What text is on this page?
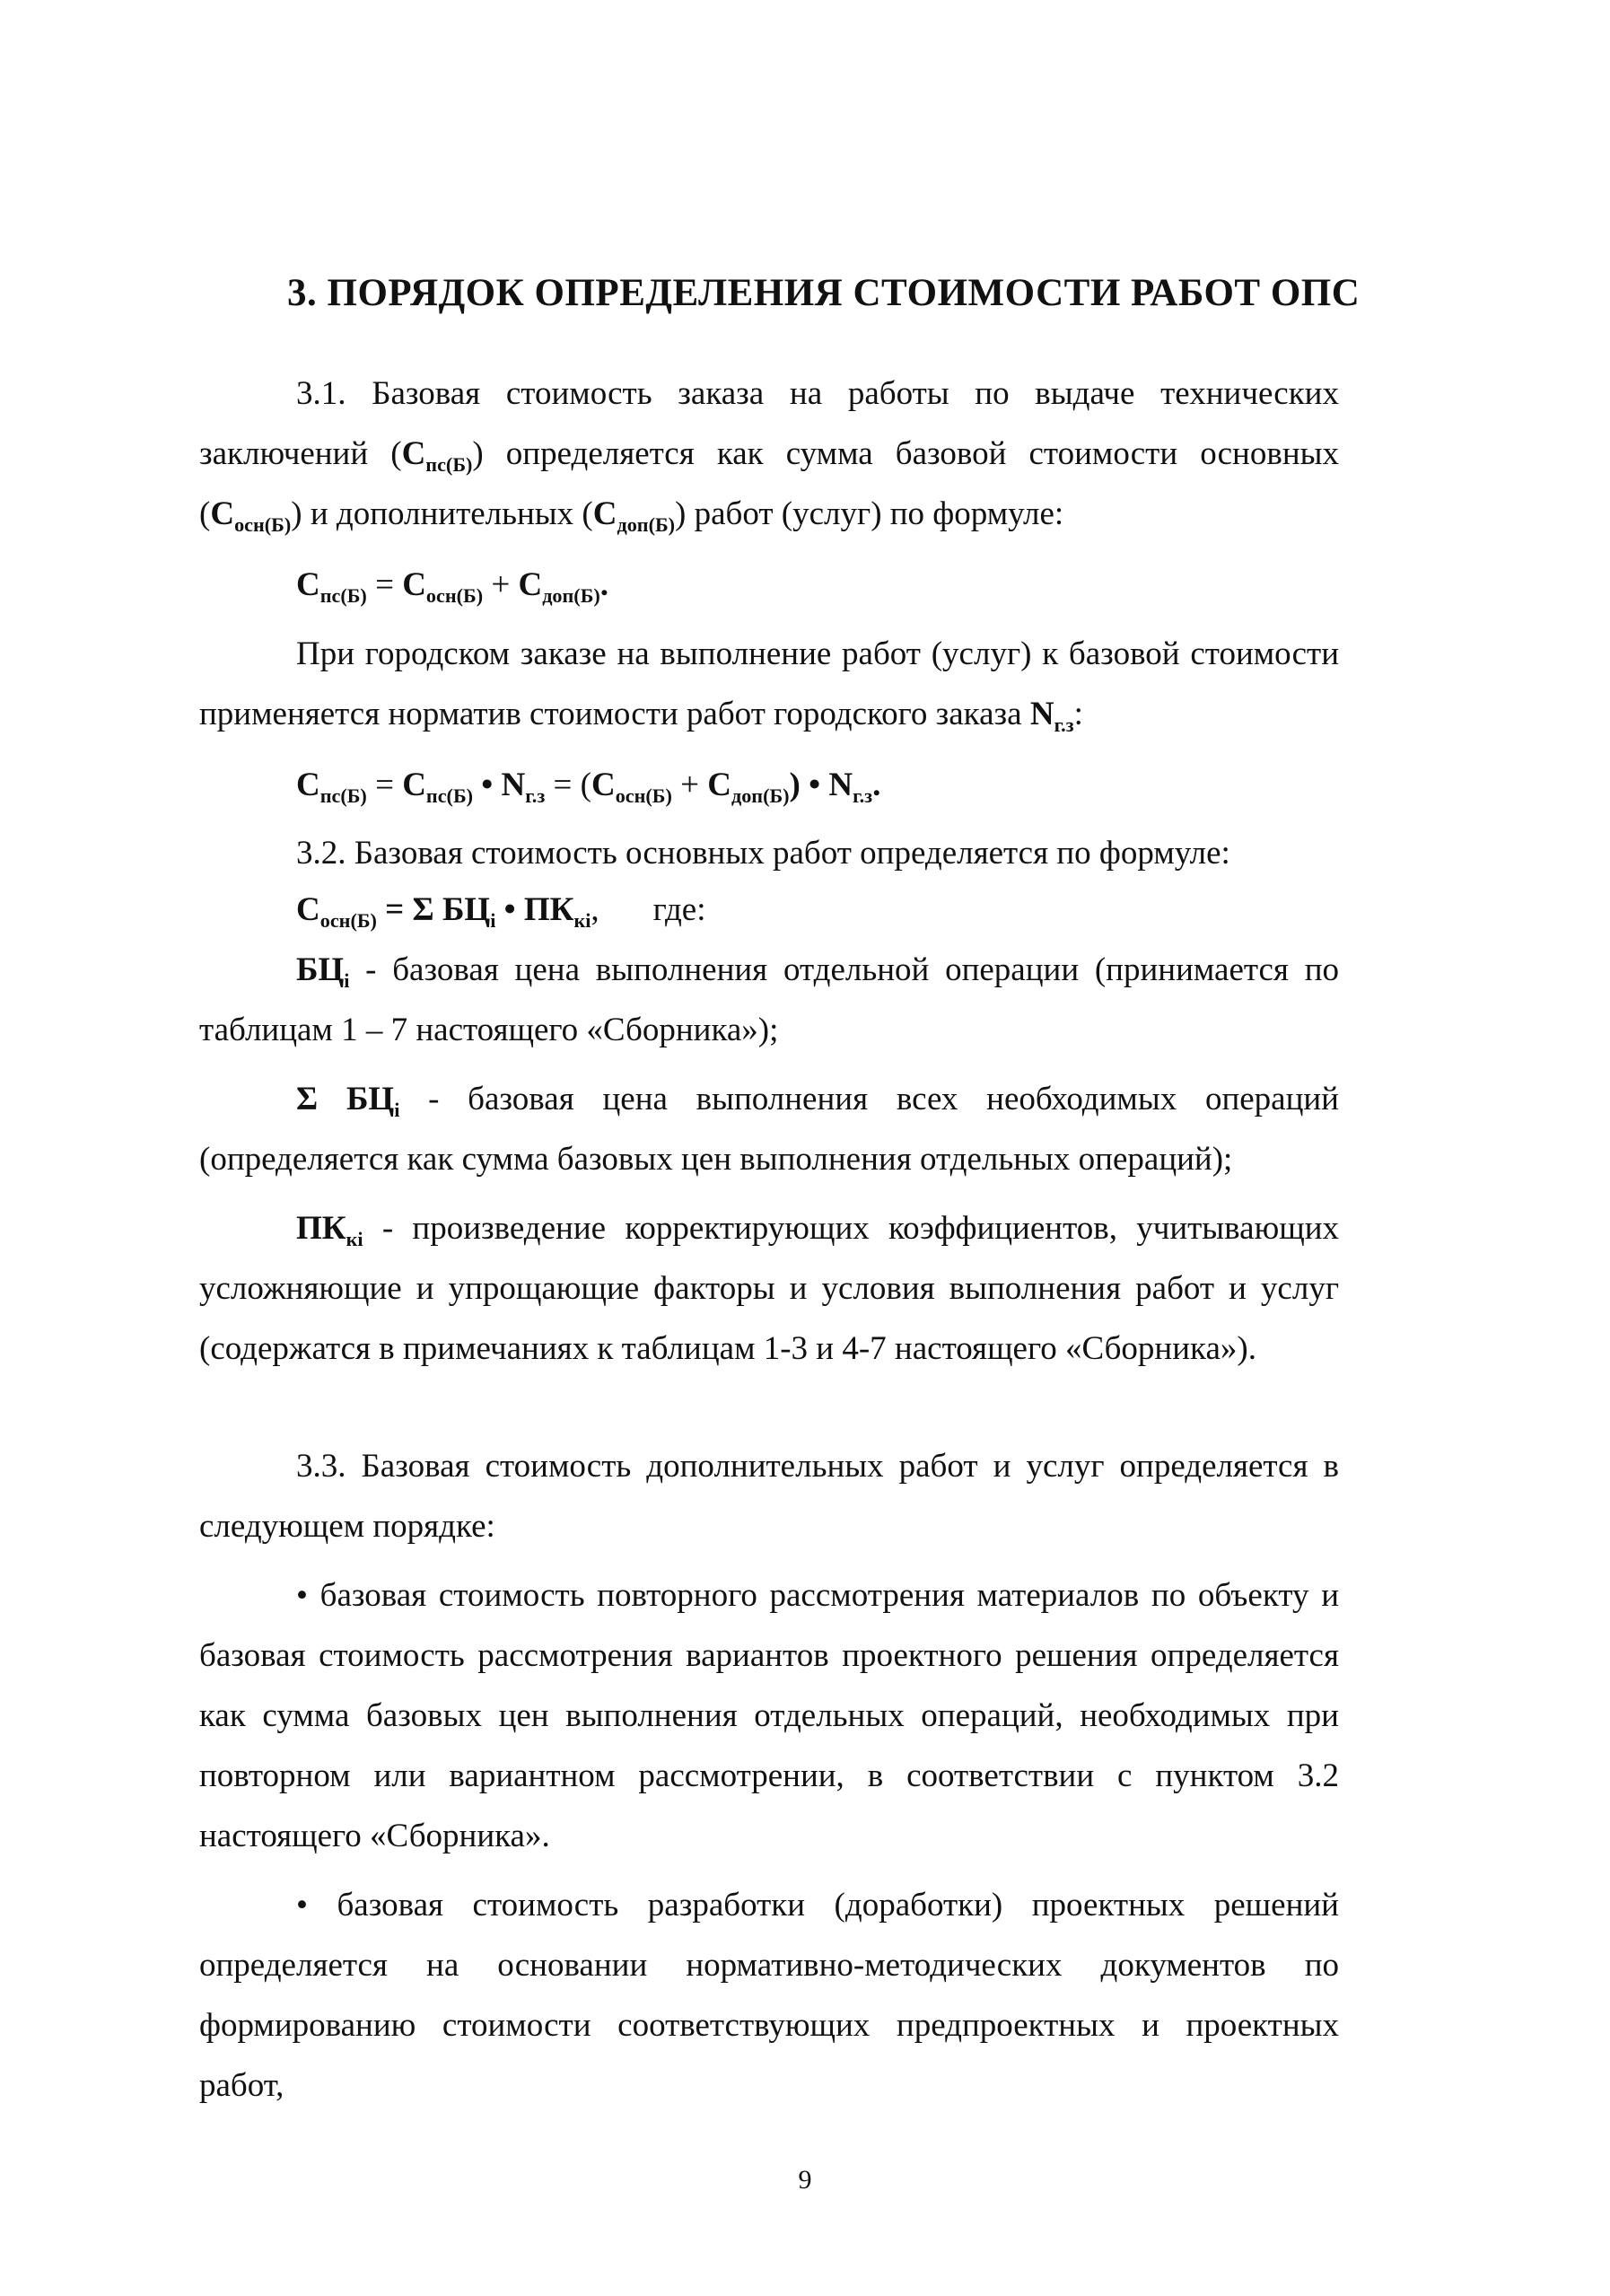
3. ПОРЯДОК ОПРЕДЕЛЕНИЯ СТОИМОСТИ РАБОТ ОПС

3.1. Базовая стоимость заказа на работы по выдаче технических заключений $(С_{пс(Б)})$ определяется как сумма базовой стоимости основных $(С_{осн(Б)})$ и дополнительных $(С_{доп(Б)})$ работ (услуг) по формуле:

$С_{пс(Б)} = С_{осн(Б)} + С_{доп(Б)}$.

При городском заказе на выполнение работ (услуг) к базовой стоимости применяется норматив стоимости работ городского заказа $N_{г.з}$:

$С_{пс(Б)} = С_{пс(Б)}$ • $N_{г.з} = (С_{осн(Б)} + С_{доп(Б)})$ • $N_{г.з}$.

3.2. Базовая стоимость основных работ определяется по формуле:

$С_{осн(Б)} = \Sigma$ $БЦ_i$ • $ПК_{кi}$, где:

$БЦ_i$ - базовая цена выполнения отдельной операции (принимается по таблицам 1 – 7 настоящего «Сборника»);

Σ $БЦ_i$ - базовая цена выполнения всех необходимых операций (определяется как сумма базовых цен выполнения отдельных операций);

$ПК_{кi}$ - произведение корректирующих коэффициентов, учитывающих усложняющие и упрощающие факторы и условия выполнения работ и услуг (содержатся в примечаниях к таблицам 1-3 и 4-7 настоящего «Сборника»).

3.3. Базовая стоимость дополнительных работ и услуг определяется в следующем порядке:

• базовая стоимость повторного рассмотрения материалов по объекту и базовая стоимость рассмотрения вариантов проектного решения определяется как сумма базовых цен выполнения отдельных операций, необходимых при повторном или вариантном рассмотрении, в соответствии с пунктом 3.2 настоящего «Сборника».

• базовая стоимость разработки (доработки) проектных решений определяется на основании нормативно-методических документов по формированию стоимости соответствующих предпроектных и проектных работ,

9
